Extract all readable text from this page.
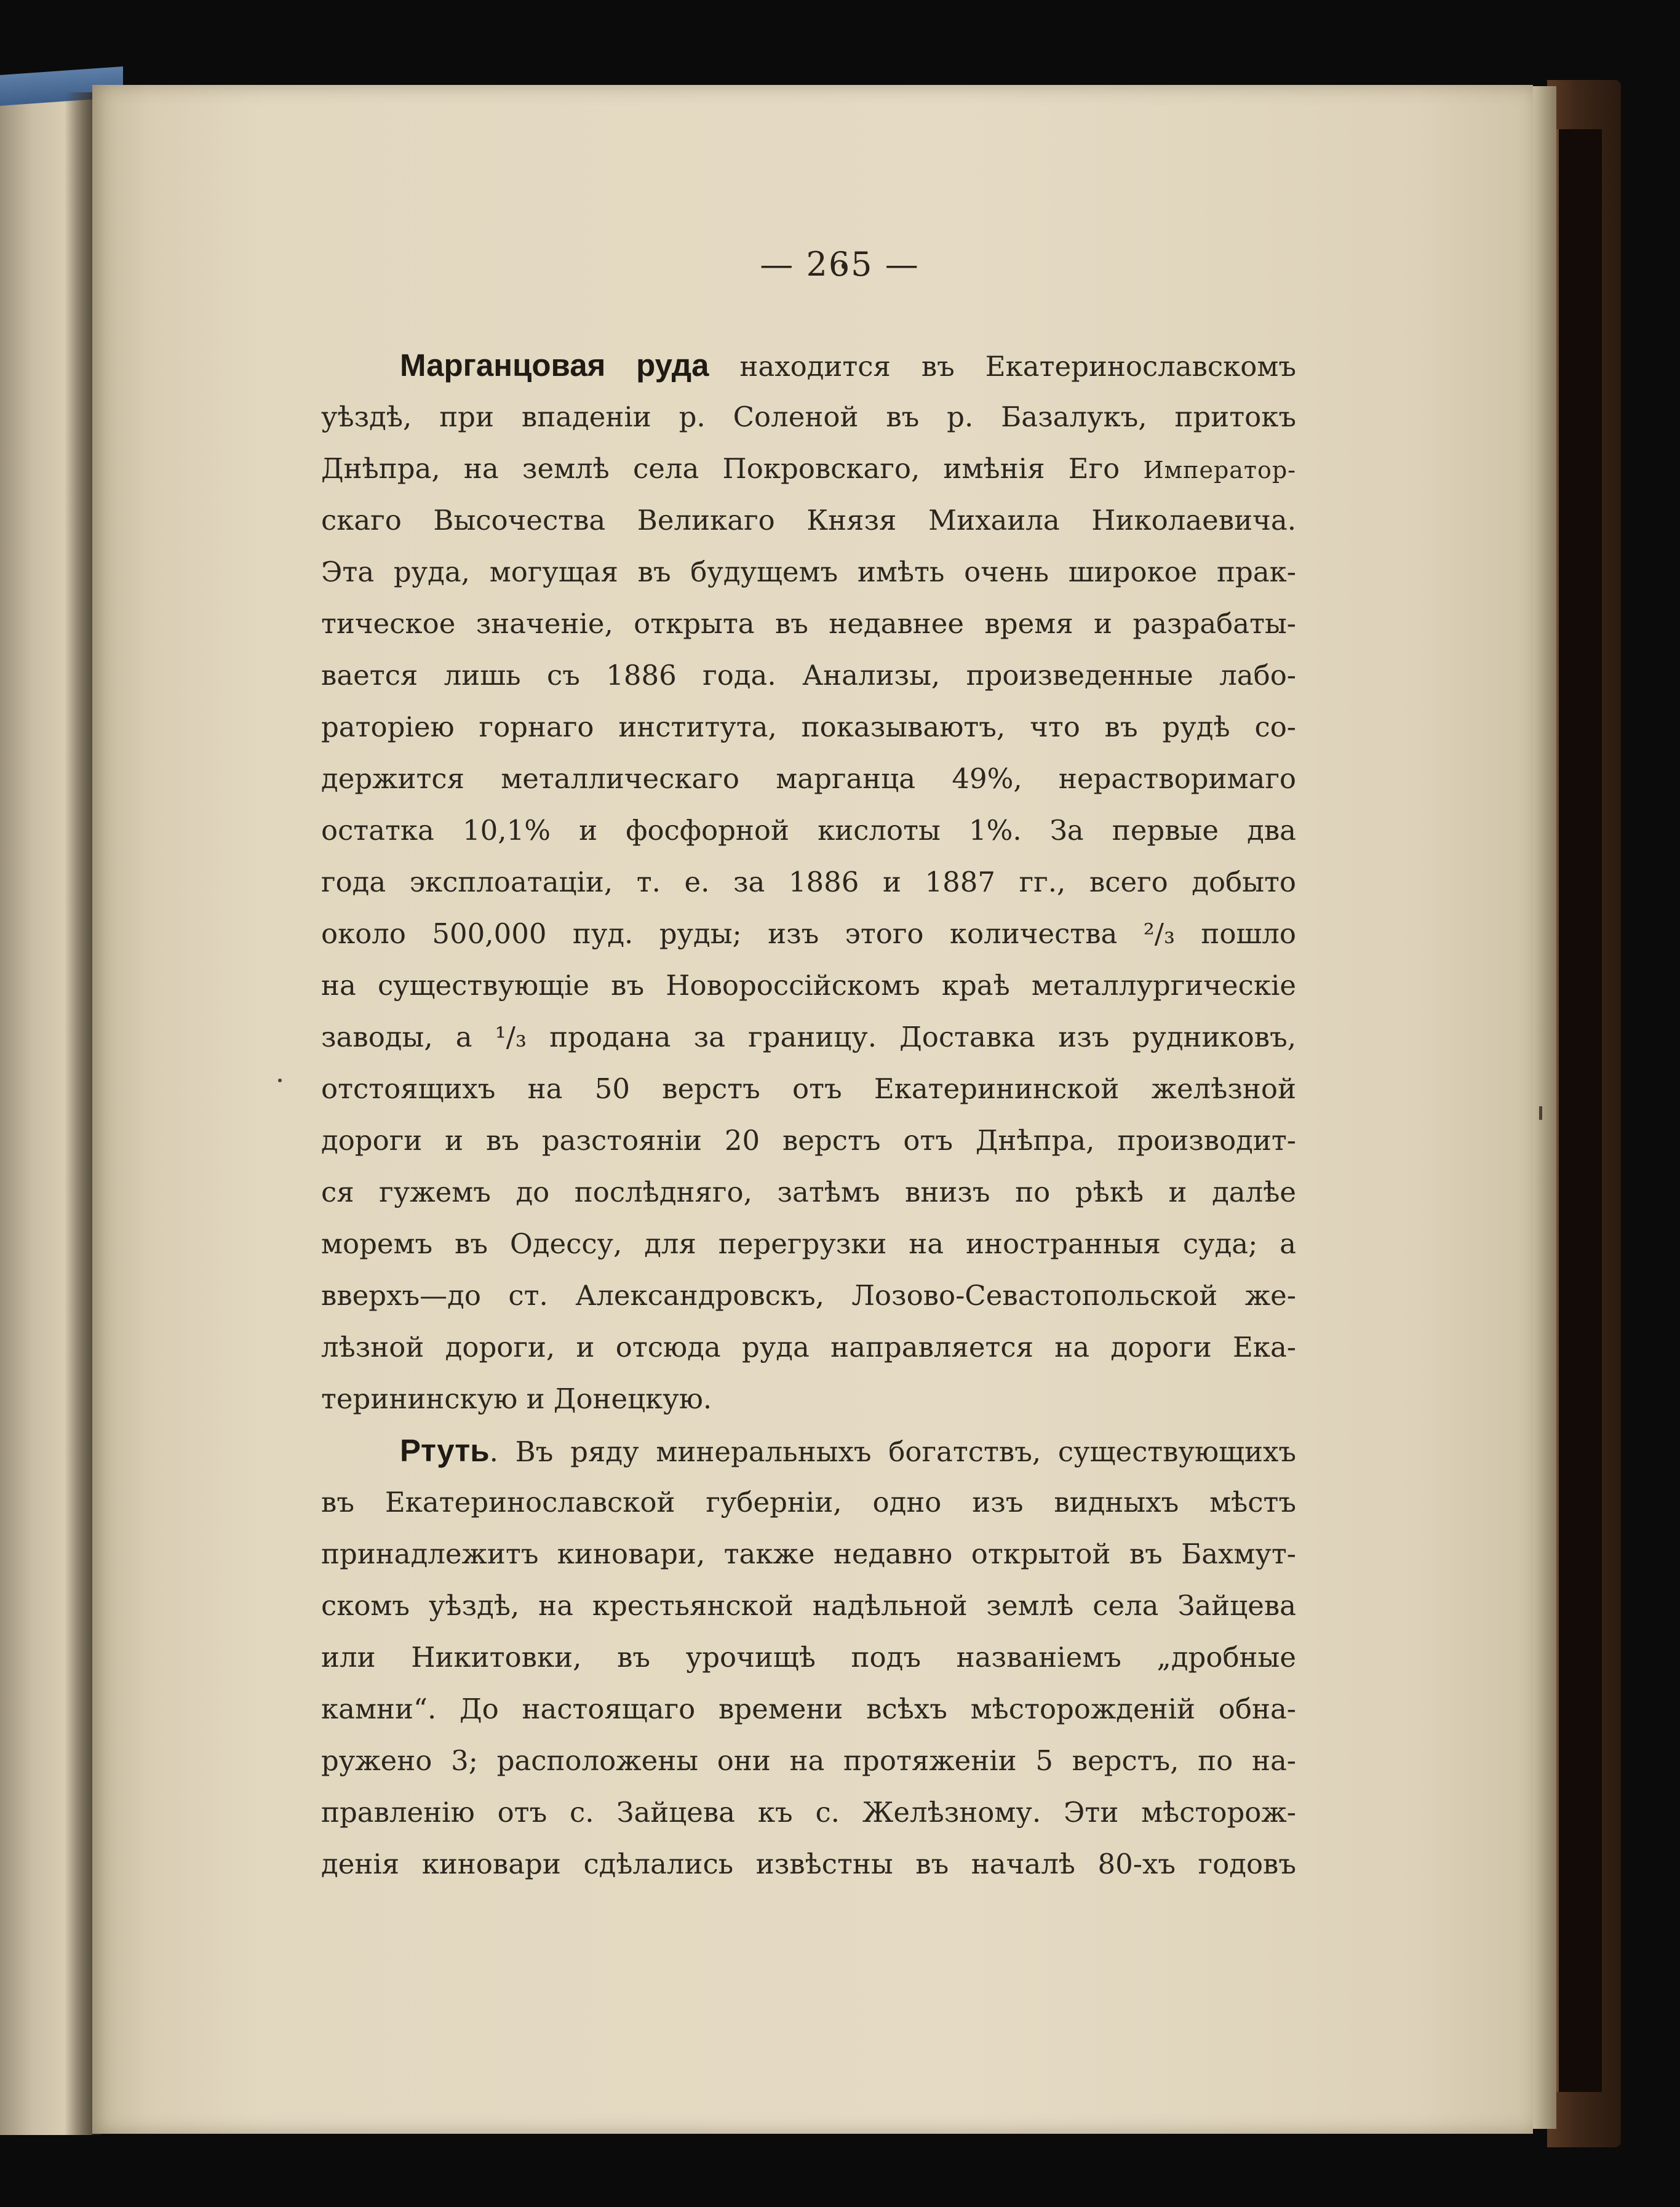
— 265 —
Марганцовая руда находится въ Екатеринославскомъ
уѣздѣ, при впаденіи р. Соленой въ р. Базалукъ, притокъ
Днѣпра, на землѣ села Покровскаго, имѣнія Его Император-
скаго Высочества Великаго Князя Михаила Николаевича.
Эта руда, могущая въ будущемъ имѣть очень широкое прак-
тическое значеніе, открыта въ недавнее время и разрабаты-
вается лишь съ 1886 года. Анализы, произведенные лабо-
раторіею горнаго института, показываютъ, что въ рудѣ со-
держится металлическаго марганца 49%, нерастворимаго
остатка 10,1% и фосфорной кислоты 1%. За первые два
года эксплоатаціи, т. е. за 1886 и 1887 гг., всего добыто
около 500,000 пуд. руды; изъ этого количества ²/₃ пошло
на существующіе въ Новороссійскомъ краѣ металлургическіе
заводы, а ¹/₃ продана за границу. Доставка изъ рудниковъ,
отстоящихъ на 50 верстъ отъ Екатерининской желѣзной
дороги и въ разстояніи 20 верстъ отъ Днѣпра, производит-
ся гужемъ до послѣдняго, затѣмъ внизъ по рѣкѣ и далѣе
моремъ въ Одессу, для перегрузки на иностранныя суда; а
вверхъ—до ст. Александровскъ, Лозово-Севастопольской же-
лѣзной дороги, и отсюда руда направляется на дороги Ека-
терининскую и Донецкую.
Ртуть. Въ ряду минеральныхъ богатствъ, существующихъ
въ Екатеринославской губерніи, одно изъ видныхъ мѣстъ
принадлежитъ киновари, также недавно открытой въ Бахмут-
скомъ уѣздѣ, на крестьянской надѣльной землѣ села Зайцева
или Никитовки, въ урочищѣ подъ названіемъ „дробные
камни“. До настоящаго времени всѣхъ мѣсторожденій обна-
ружено 3; расположены они на протяженіи 5 верстъ, по на-
правленію отъ с. Зайцева къ с. Желѣзному. Эти мѣсторож-
денія киновари сдѣлались извѣстны въ началѣ 80-хъ годовъ
